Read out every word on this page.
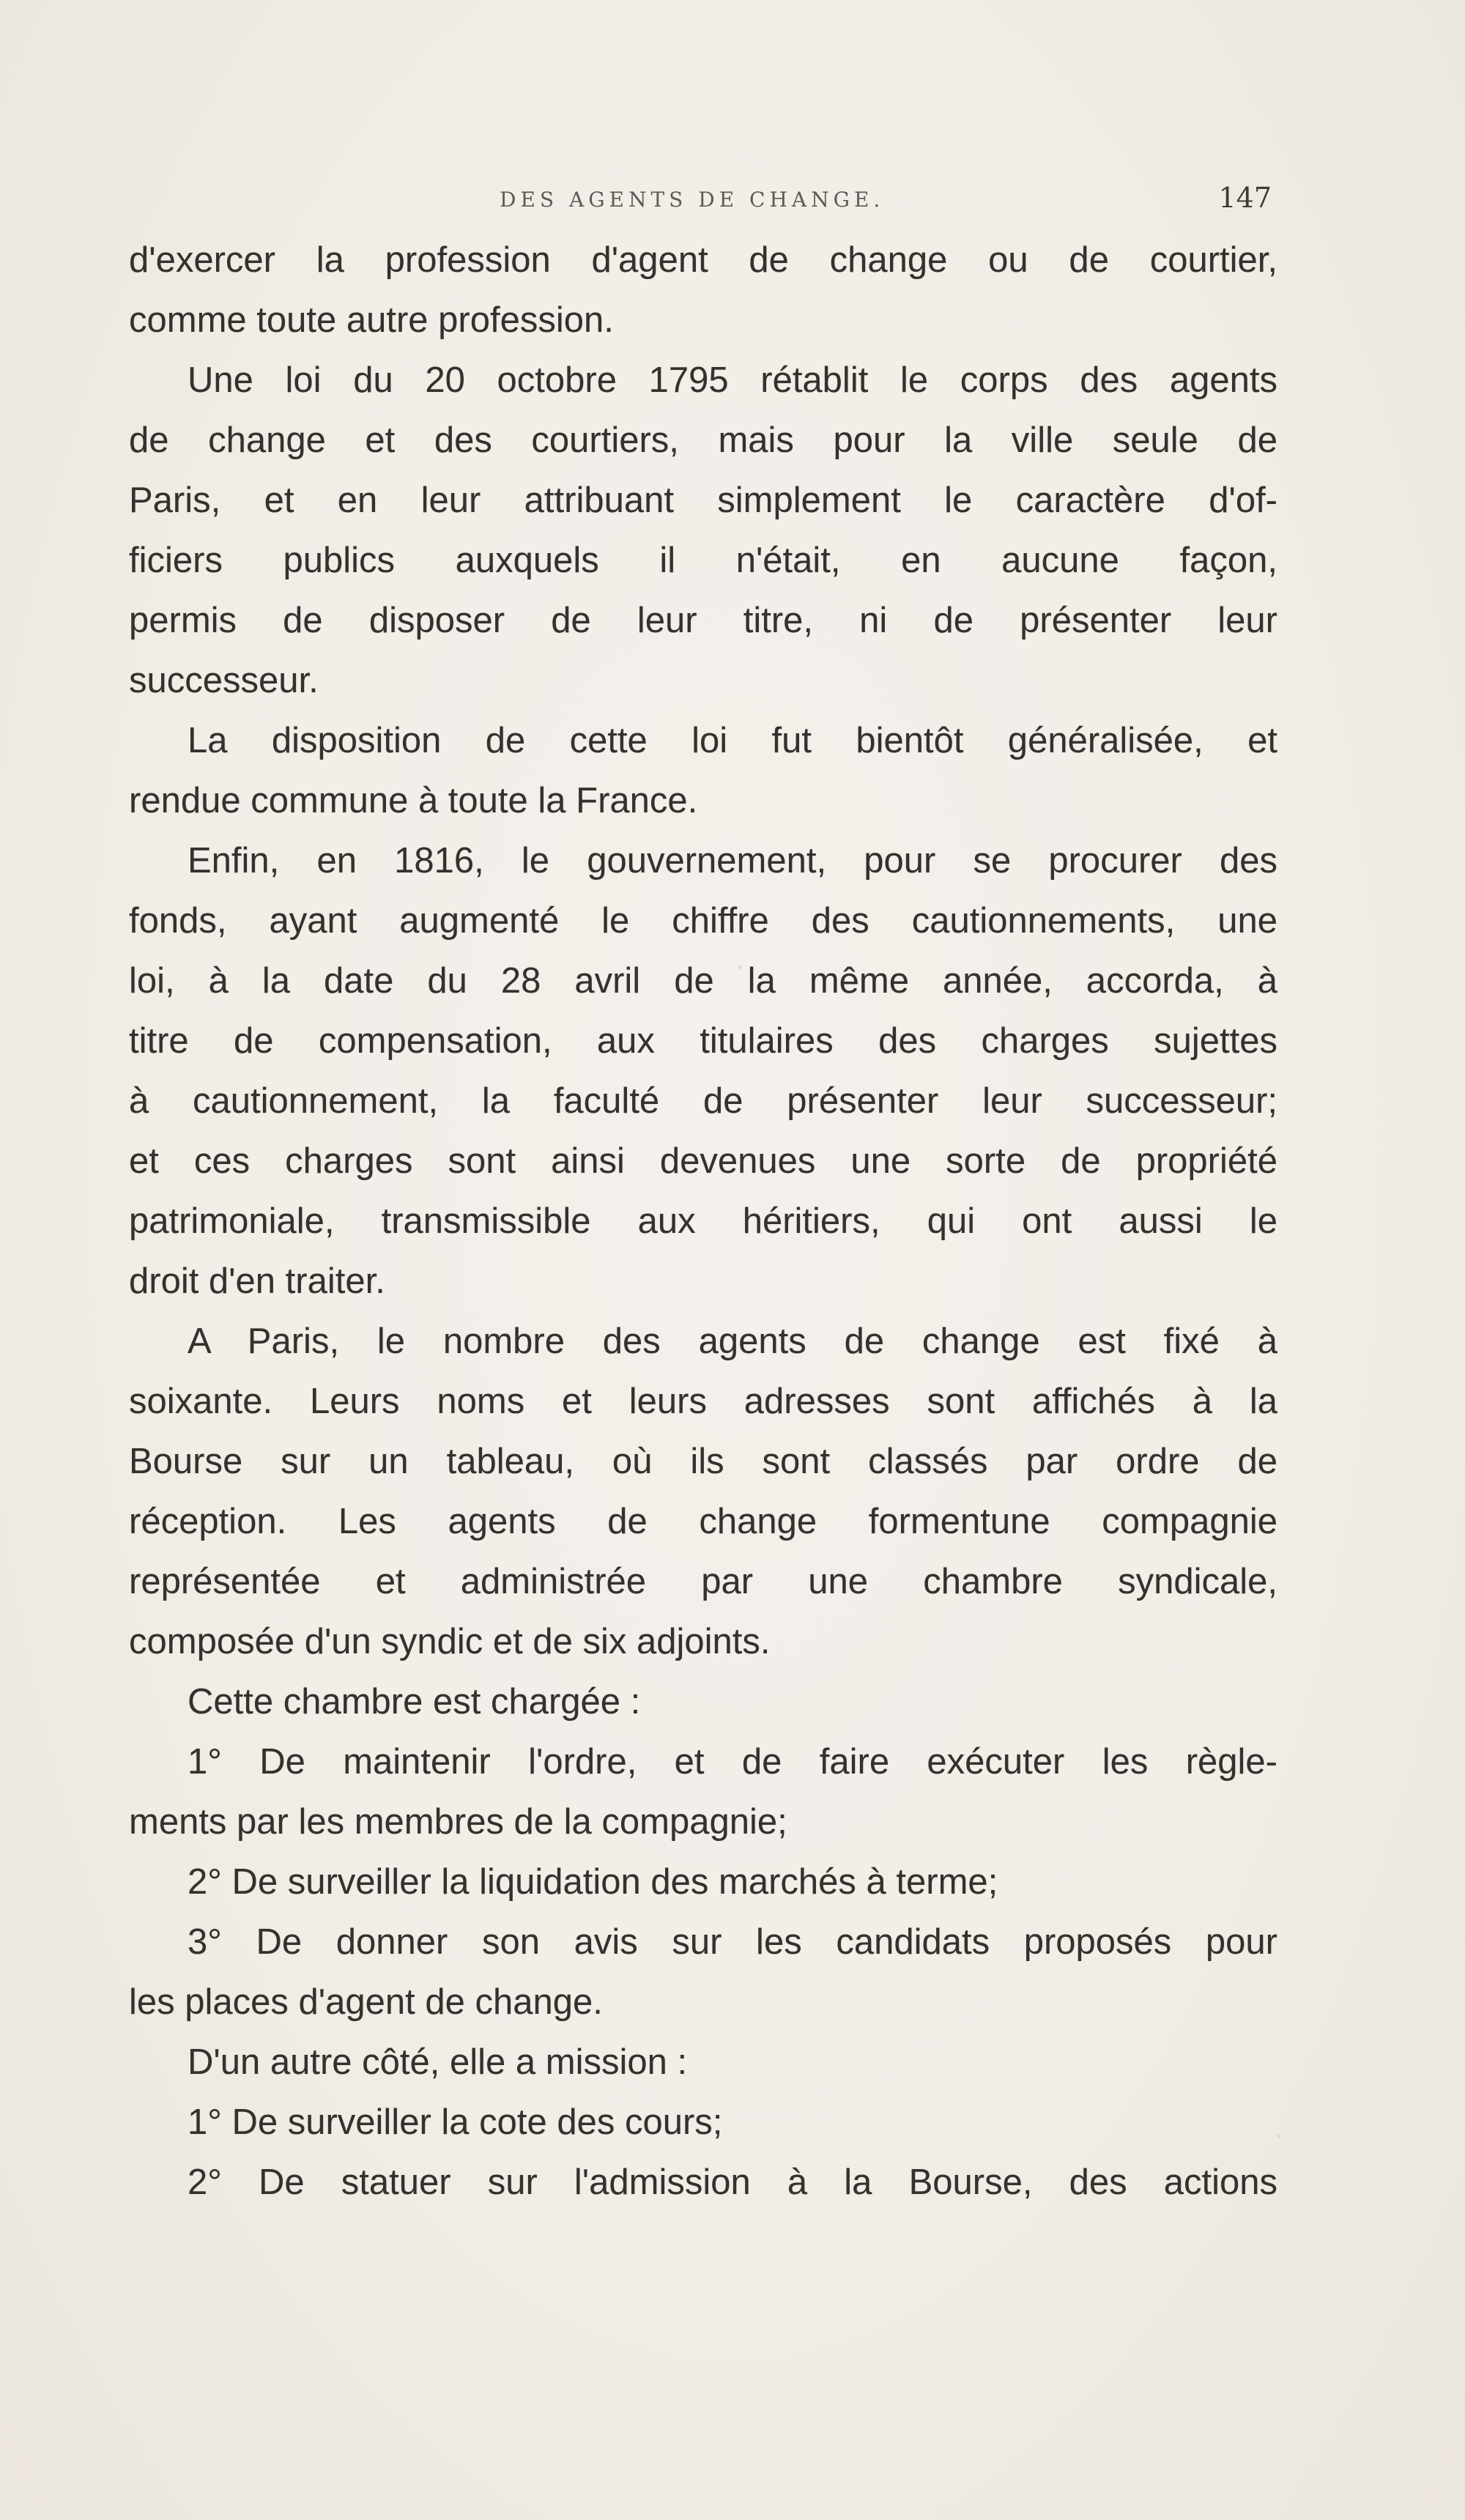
DES AGENTS DE CHANGE.	147
d'exercer la profession d'agent de change ou de courtier,
comme toute autre profession.
Une loi du 20 octobre 1795 rétablit le corps des agents
de change et des courtiers, mais pour la ville seule de
Paris, et en leur attribuant simplement le caractère d'of-
ficiers publics auxquels il n'était, en aucune façon,
permis de disposer de leur titre, ni de présenter leur
successeur.
La disposition de cette loi fut bientôt généralisée, et
rendue commune à toute la France.
Enfin, en 1816, le gouvernement, pour se procurer des
fonds, ayant augmenté le chiffre des cautionnements, une
loi, à la date du 28 avril de la même année, accorda, à
titre de compensation, aux titulaires des charges sujettes
à cautionnement, la faculté de présenter leur successeur;
et ces charges sont ainsi devenues une sorte de propriété
patrimoniale, transmissible aux héritiers, qui ont aussi le
droit d'en traiter.
A Paris, le nombre des agents de change est fixé à
soixante. Leurs noms et leurs adresses sont affichés à la
Bourse sur un tableau, où ils sont classés par ordre de
réception. Les agents de change formentune compagnie
représentée et administrée par une chambre syndicale,
composée d'un syndic et de six adjoints.
Cette chambre est chargée :
1° De maintenir l'ordre, et de faire exécuter les règle-
ments par les membres de la compagnie;
2° De surveiller la liquidation des marchés à terme;
3° De donner son avis sur les candidats proposés pour
les places d'agent de change.
D'un autre côté, elle a mission :
1° De surveiller la cote des cours;
2° De statuer sur l'admission à la Bourse, des actions
